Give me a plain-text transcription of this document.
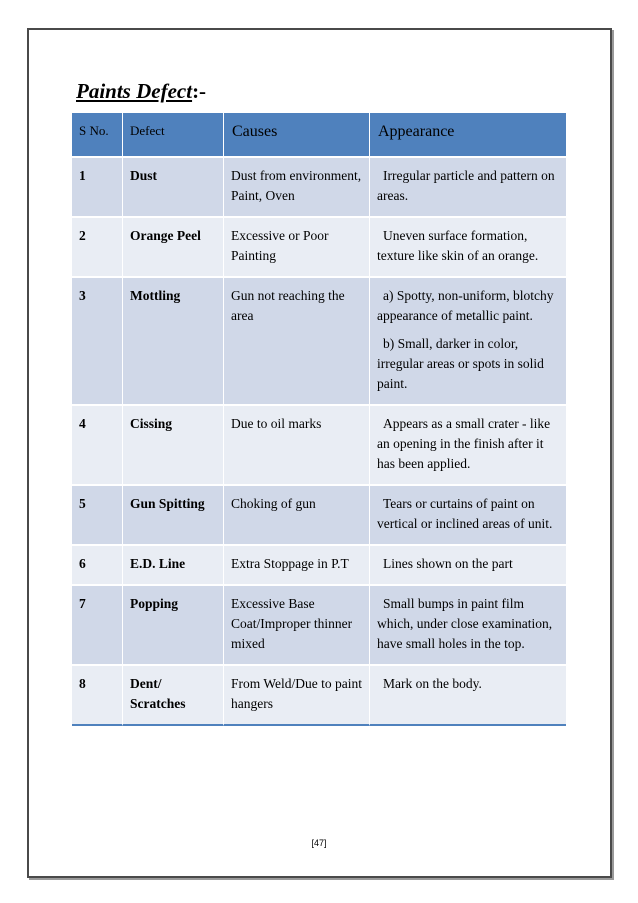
Paints Defect:-
S No.	Defect	Causes	Appearance
1	Dust	Dust from environment, Paint, Oven	Irregular particle and pattern on areas.

2	Orange Peel	Excessive or Poor Painting	Uneven surface formation, texture like skin of an orange.

3	Mottling	Gun not reaching the area	a) Spotty, non-uniform, blotchy appearance of metallic paint.

b) Small, darker in color, irregular areas or spots in solid paint.

4	Cissing	Due to oil marks	Appears as a small crater - like an opening in the finish after it has been applied.

5	Gun Spitting	Choking of gun	Tears or curtains of paint on vertical or inclined areas of unit.

6	E.D. Line	Extra Stoppage in P.T	Lines shown on the part

7	Popping	Excessive Base Coat/Improper thinner mixed	Small bumps in paint film which, under close examination, have small holes in the top.

8	Dent/ Scratches	From Weld/Due to paint hangers	Mark on the body.

[47]
